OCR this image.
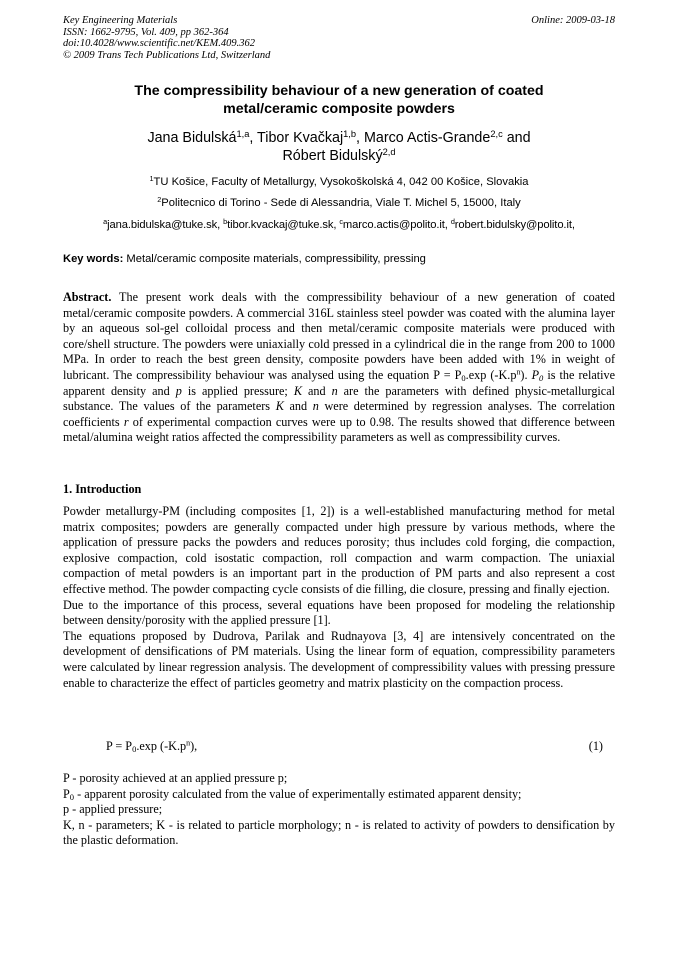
Key Engineering Materials
ISSN: 1662-9795, Vol. 409, pp 362-364
doi:10.4028/www.scientific.net/KEM.409.362
© 2009 Trans Tech Publications Ltd, Switzerland
Online: 2009-03-18
The compressibility behaviour of a new generation of coated
metal/ceramic composite powders
Jana Bidulská$^{1,a}$, Tibor Kvačkaj$^{1,b}$, Marco Actis-Grande$^{2,c}$ and
Róbert Bidulský$^{2,d}$
$^1$TU Košice, Faculty of Metallurgy, Vysokoškolská 4, 042 00 Košice, Slovakia
$^2$Politecnico di Torino - Sede di Alessandria, Viale T. Michel 5, 15000, Italy
$^a$jana.bidulska@tuke.sk, $^b$tibor.kvackaj@tuke.sk, $^c$marco.actis@polito.it, $^d$robert.bidulsky@polito.it,
Key words: Metal/ceramic composite materials, compressibility, pressing

Abstract. The present work deals with the compressibility behaviour of a new generation of coated metal/ceramic composite powders. A commercial 316L stainless steel powder was coated with the alumina layer by an aqueous sol-gel colloidal process and then metal/ceramic composite materials were produced with core/shell structure. The powders were uniaxially cold pressed in a cylindrical die in the range from 200 to 1000 MPa. In order to reach the best green density, composite powders have been added with 1% in weight of lubricant. The compressibility behaviour was analysed using the equation $P = P_0.\exp$ $(-K.p^n)$. $P_0$ is the relative apparent density and p is applied pressure; K and n are the parameters with defined physic-metallurgical substance. The values of the parameters K and n were determined by regression analyses. The correlation coefficients r of experimental compaction curves were up to 0.98. The results showed that difference between metal/alumina weight ratios affected the compressibility parameters as well as compressibility curves.

1. Introduction

Powder metallurgy-PM (including composites [1, 2]) is a well-established manufacturing method for metal matrix composites; powders are generally compacted under high pressure by various methods, where the application of pressure packs the powders and reduces porosity; thus includes cold forging, die compaction, explosive compaction, cold isostatic compaction, roll compaction and warm compaction. The uniaxial compaction of metal powders is an important part in the production of PM parts and also represent a cost effective method. The powder compacting cycle consists of die filling, die closure, pressing and finally ejection.

Due to the importance of this process, several equations have been proposed for modeling the relationship between density/porosity with the applied pressure [1].

The equations proposed by Dudrova, Parilak and Rudnayova [3, 4] are intensively concentrated on the development of densifications of PM materials. Using the linear form of equation, compressibility parameters were calculated by linear regression analysis. The development of compressibility values with pressing pressure enable to characterize the effect of particles geometry and matrix plasticity on the compaction process.

$P = P_0.\exp$ $(-K.p^n)$,	(1)

P - porosity achieved at an applied pressure p;

$P_0$ - apparent porosity calculated from the value of experimentally estimated apparent density;

p - applied pressure;

K, n - parameters; K - is related to particle morphology; n - is related to activity of powders to densification by the plastic deformation.
